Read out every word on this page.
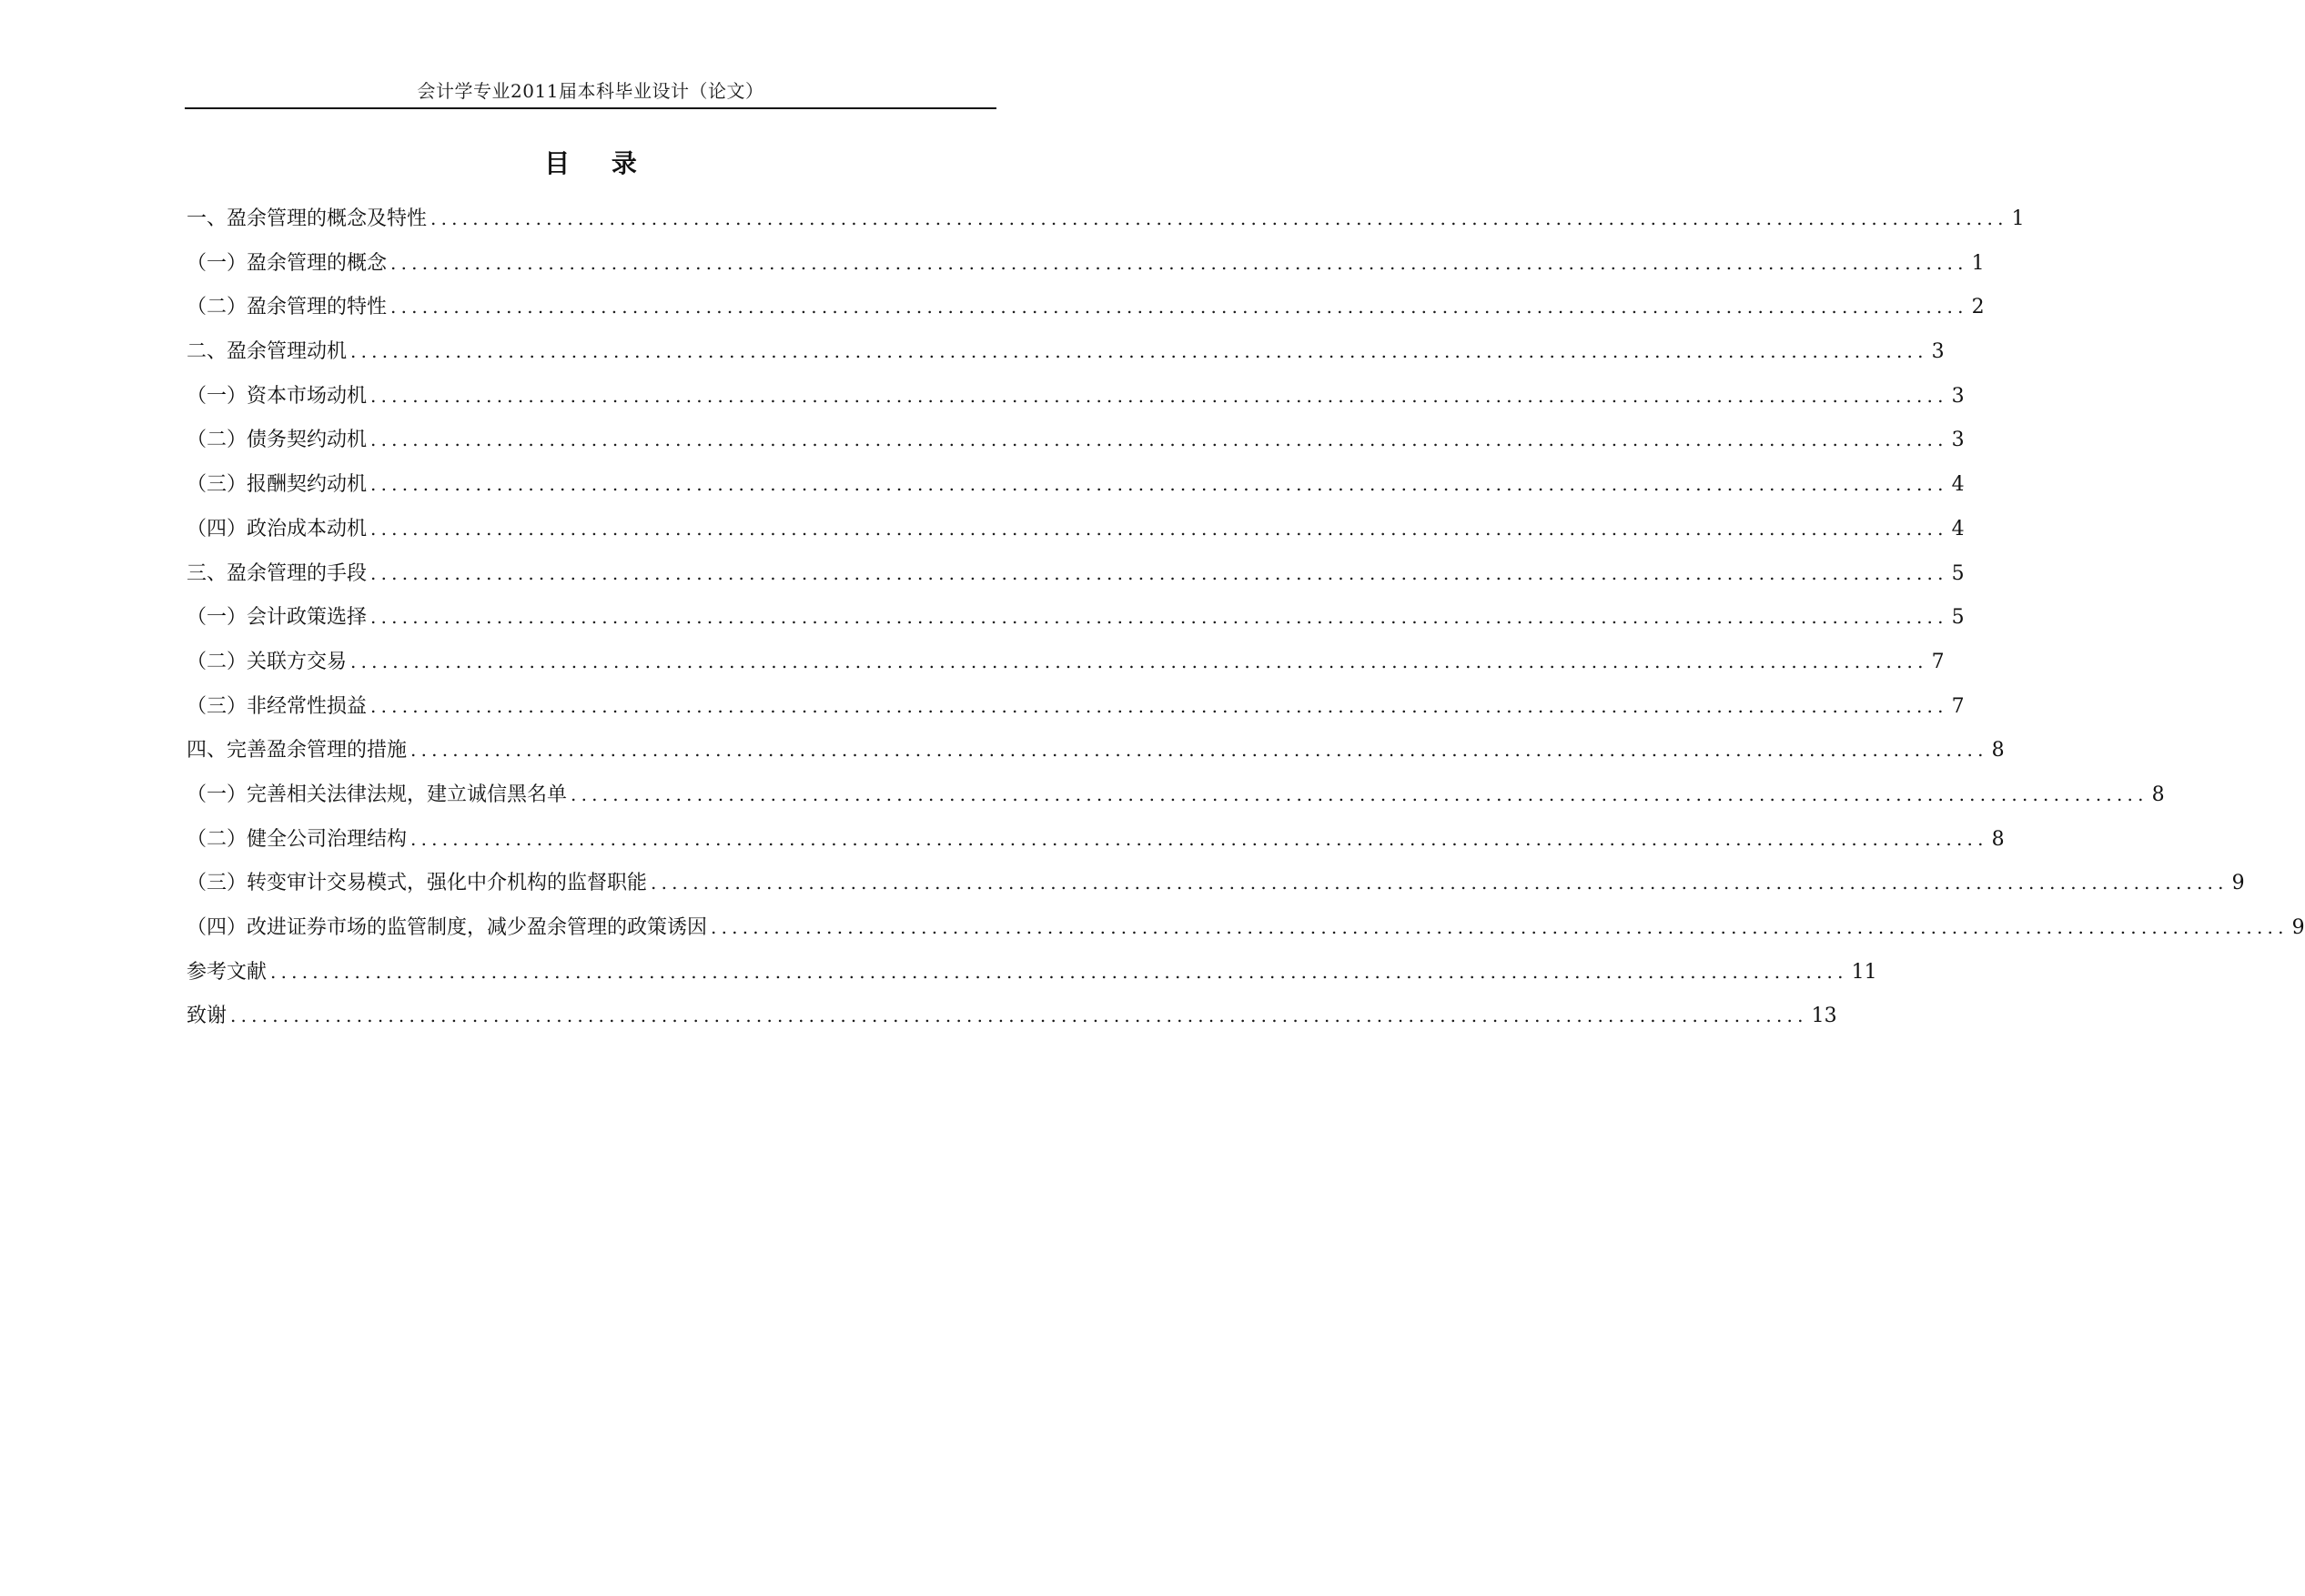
会计学专业2011届本科毕业设计（论文）
目 录
一、盈余管理的概念及特性 ...................................................................................................................................................... 1
（一）盈余管理的概念 ...................................................................................................................................................... 1
（二）盈余管理的特性 ...................................................................................................................................................... 2
二、盈余管理动机 ...................................................................................................................................................... 3
（一）资本市场动机 ...................................................................................................................................................... 3
（二）债务契约动机 ...................................................................................................................................................... 3
（三）报酬契约动机 ...................................................................................................................................................... 4
（四）政治成本动机 ...................................................................................................................................................... 4
三、盈余管理的手段 ...................................................................................................................................................... 5
（一）会计政策选择 ...................................................................................................................................................... 5
（二）关联方交易 ...................................................................................................................................................... 7
（三）非经常性损益 ...................................................................................................................................................... 7
四、完善盈余管理的措施 ...................................................................................................................................................... 8
（一）完善相关法律法规，建立诚信黑名单 ...................................................................................................................................................... 8
（二）健全公司治理结构 ...................................................................................................................................................... 8
（三）转变审计交易模式，强化中介机构的监督职能 ...................................................................................................................................................... 9
（四）改进证券市场的监管制度，减少盈余管理的政策诱因 ...................................................................................................................................................... 9
参考文献 ...................................................................................................................................................... 11
致谢 ...................................................................................................................................................... 13
